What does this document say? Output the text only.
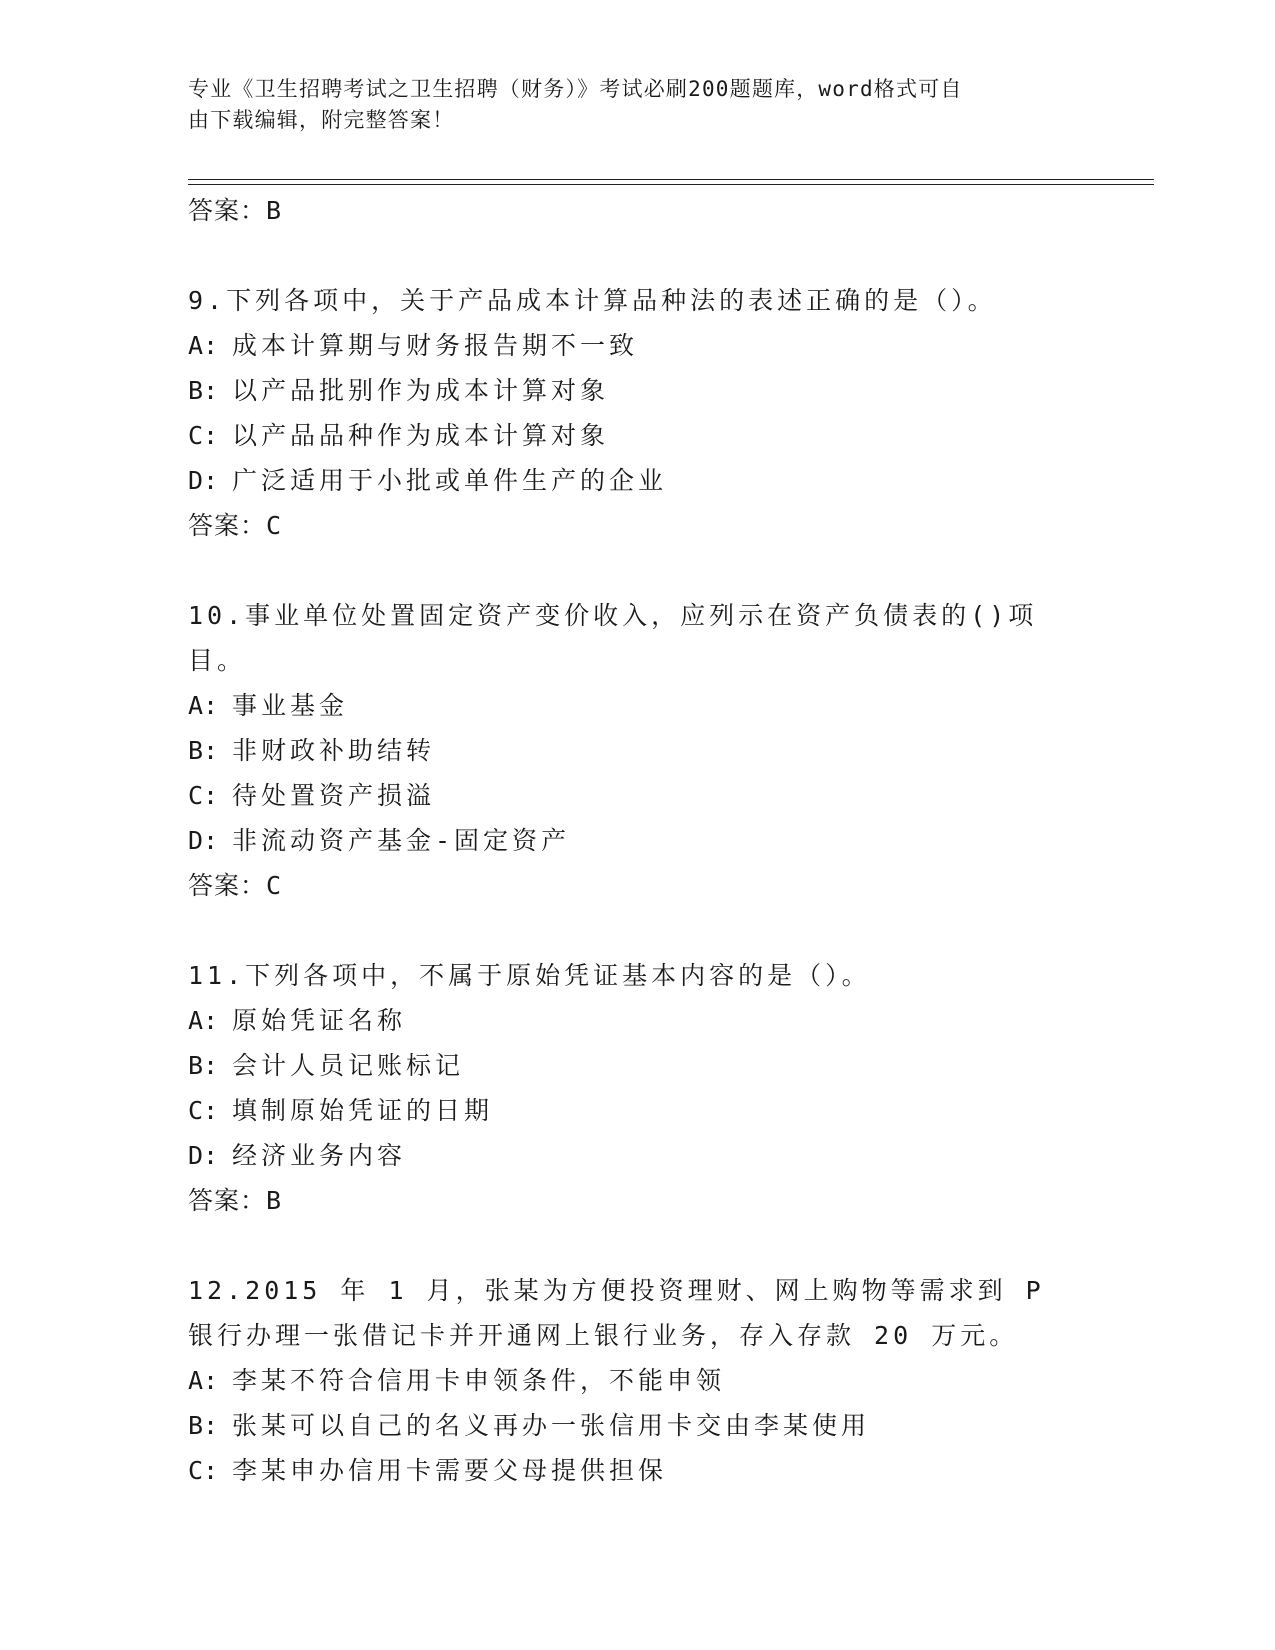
专业《卫生招聘考试之卫生招聘（财务）》考试必刷200题题库，word格式可自
由下载编辑，附完整答案！
答案：B
9.下列各项中，关于产品成本计算品种法的表述正确的是（）。
A: 成本计算期与财务报告期不一致
B: 以产品批别作为成本计算对象
C: 以产品品种作为成本计算对象
D: 广泛适用于小批或单件生产的企业
答案：C
10.事业单位处置固定资产变价收入，应列示在资产负债表的()项目。
A: 事业基金
B: 非财政补助结转
C: 待处置资产损溢
D: 非流动资产基金-固定资产
答案：C
11.下列各项中，不属于原始凭证基本内容的是（）。
A: 原始凭证名称
B: 会计人员记账标记
C: 填制原始凭证的日期
D: 经济业务内容
答案：B
12.2015 年 1 月，张某为方便投资理财、网上购物等需求到 P 银行办理一张借记卡并开通网上银行业务，存入存款 20 万元。
A: 李某不符合信用卡申领条件，不能申领
B: 张某可以自己的名义再办一张信用卡交由李某使用
C: 李某申办信用卡需要父母提供担保
